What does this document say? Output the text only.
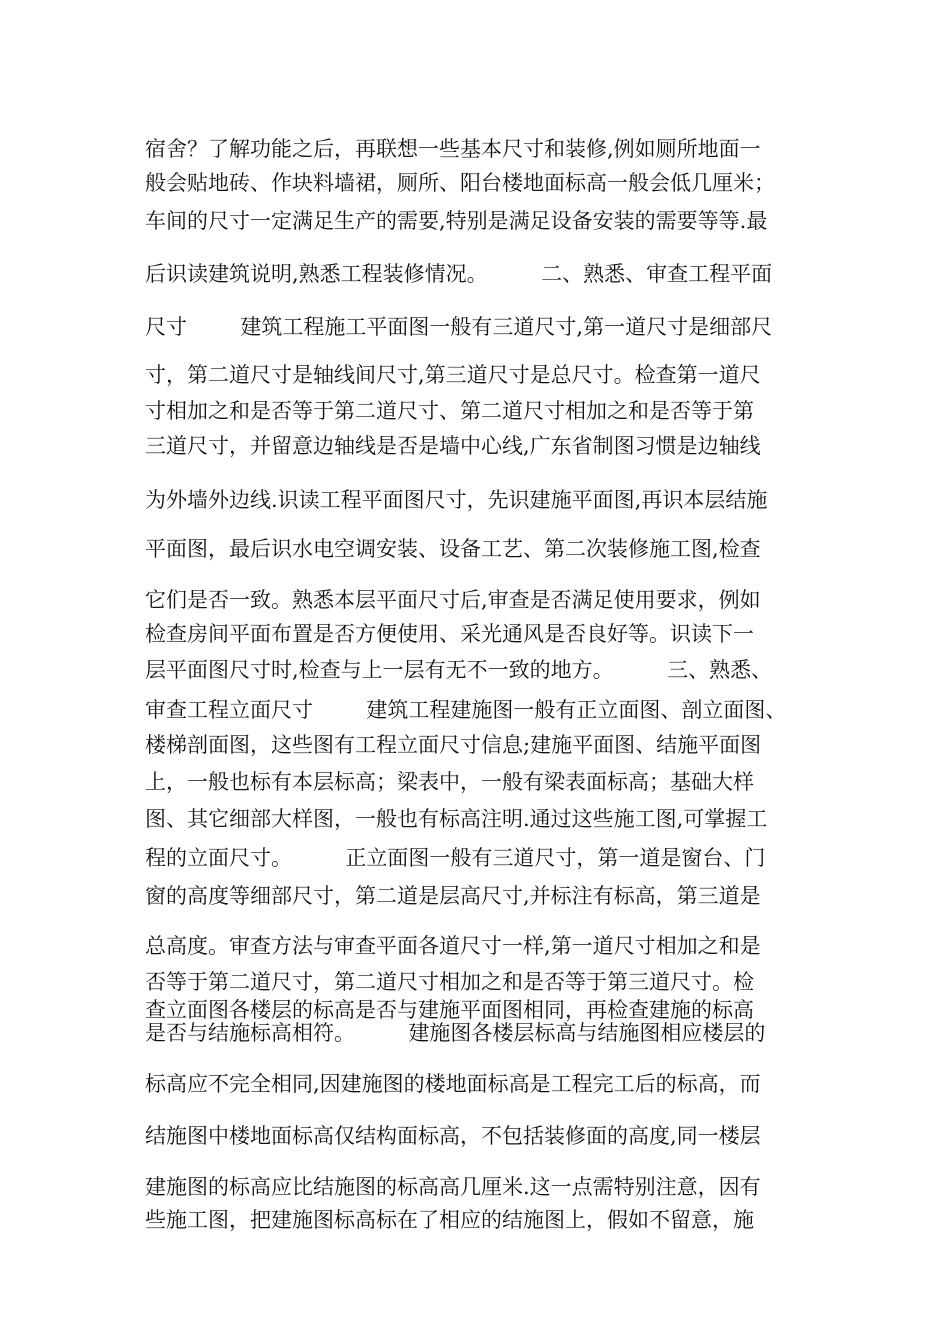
宿舍？了解功能之后，再联想一些基本尺寸和装修,例如厕所地面一
般会贴地砖、作块料墙裙，厕所、阳台楼地面标高一般会低几厘米；
车间的尺寸一定满足生产的需要,特别是满足设备安装的需要等等.最
后识读建筑说明,熟悉工程装修情况。        二、熟悉、审查工程平面
尺寸        建筑工程施工平面图一般有三道尺寸,第一道尺寸是细部尺
寸，第二道尺寸是轴线间尺寸,第三道尺寸是总尺寸。检查第一道尺
寸相加之和是否等于第二道尺寸、第二道尺寸相加之和是否等于第
三道尺寸，并留意边轴线是否是墙中心线,广东省制图习惯是边轴线
为外墙外边线.识读工程平面图尺寸，先识建施平面图,再识本层结施
平面图，最后识水电空调安装、设备工艺、第二次装修施工图,检查
它们是否一致。熟悉本层平面尺寸后,审查是否满足使用要求，例如
检查房间平面布置是否方便使用、采光通风是否良好等。识读下一
层平面图尺寸时,检查与上一层有无不一致的地方。        三、熟悉、
审查工程立面尺寸        建筑工程建施图一般有正立面图、剖立面图、
楼梯剖面图，这些图有工程立面尺寸信息;建施平面图、结施平面图
上，一般也标有本层标高；梁表中，一般有梁表面标高；基础大样
图、其它细部大样图，一般也有标高注明.通过这些施工图,可掌握工
程的立面尺寸。        正立面图一般有三道尺寸，第一道是窗台、门
窗的高度等细部尺寸，第二道是层高尺寸,并标注有标高，第三道是
总高度。审查方法与审查平面各道尺寸一样,第一道尺寸相加之和是
否等于第二道尺寸，第二道尺寸相加之和是否等于第三道尺寸。检
查立面图各楼层的标高是否与建施平面图相同，再检查建施的标高
是否与结施标高相符。        建施图各楼层标高与结施图相应楼层的
标高应不完全相同,因建施图的楼地面标高是工程完工后的标高，而
结施图中楼地面标高仅结构面标高，不包括装修面的高度,同一楼层
建施图的标高应比结施图的标高高几厘米.这一点需特别注意，因有
些施工图，把建施图标高标在了相应的结施图上，假如不留意，施
